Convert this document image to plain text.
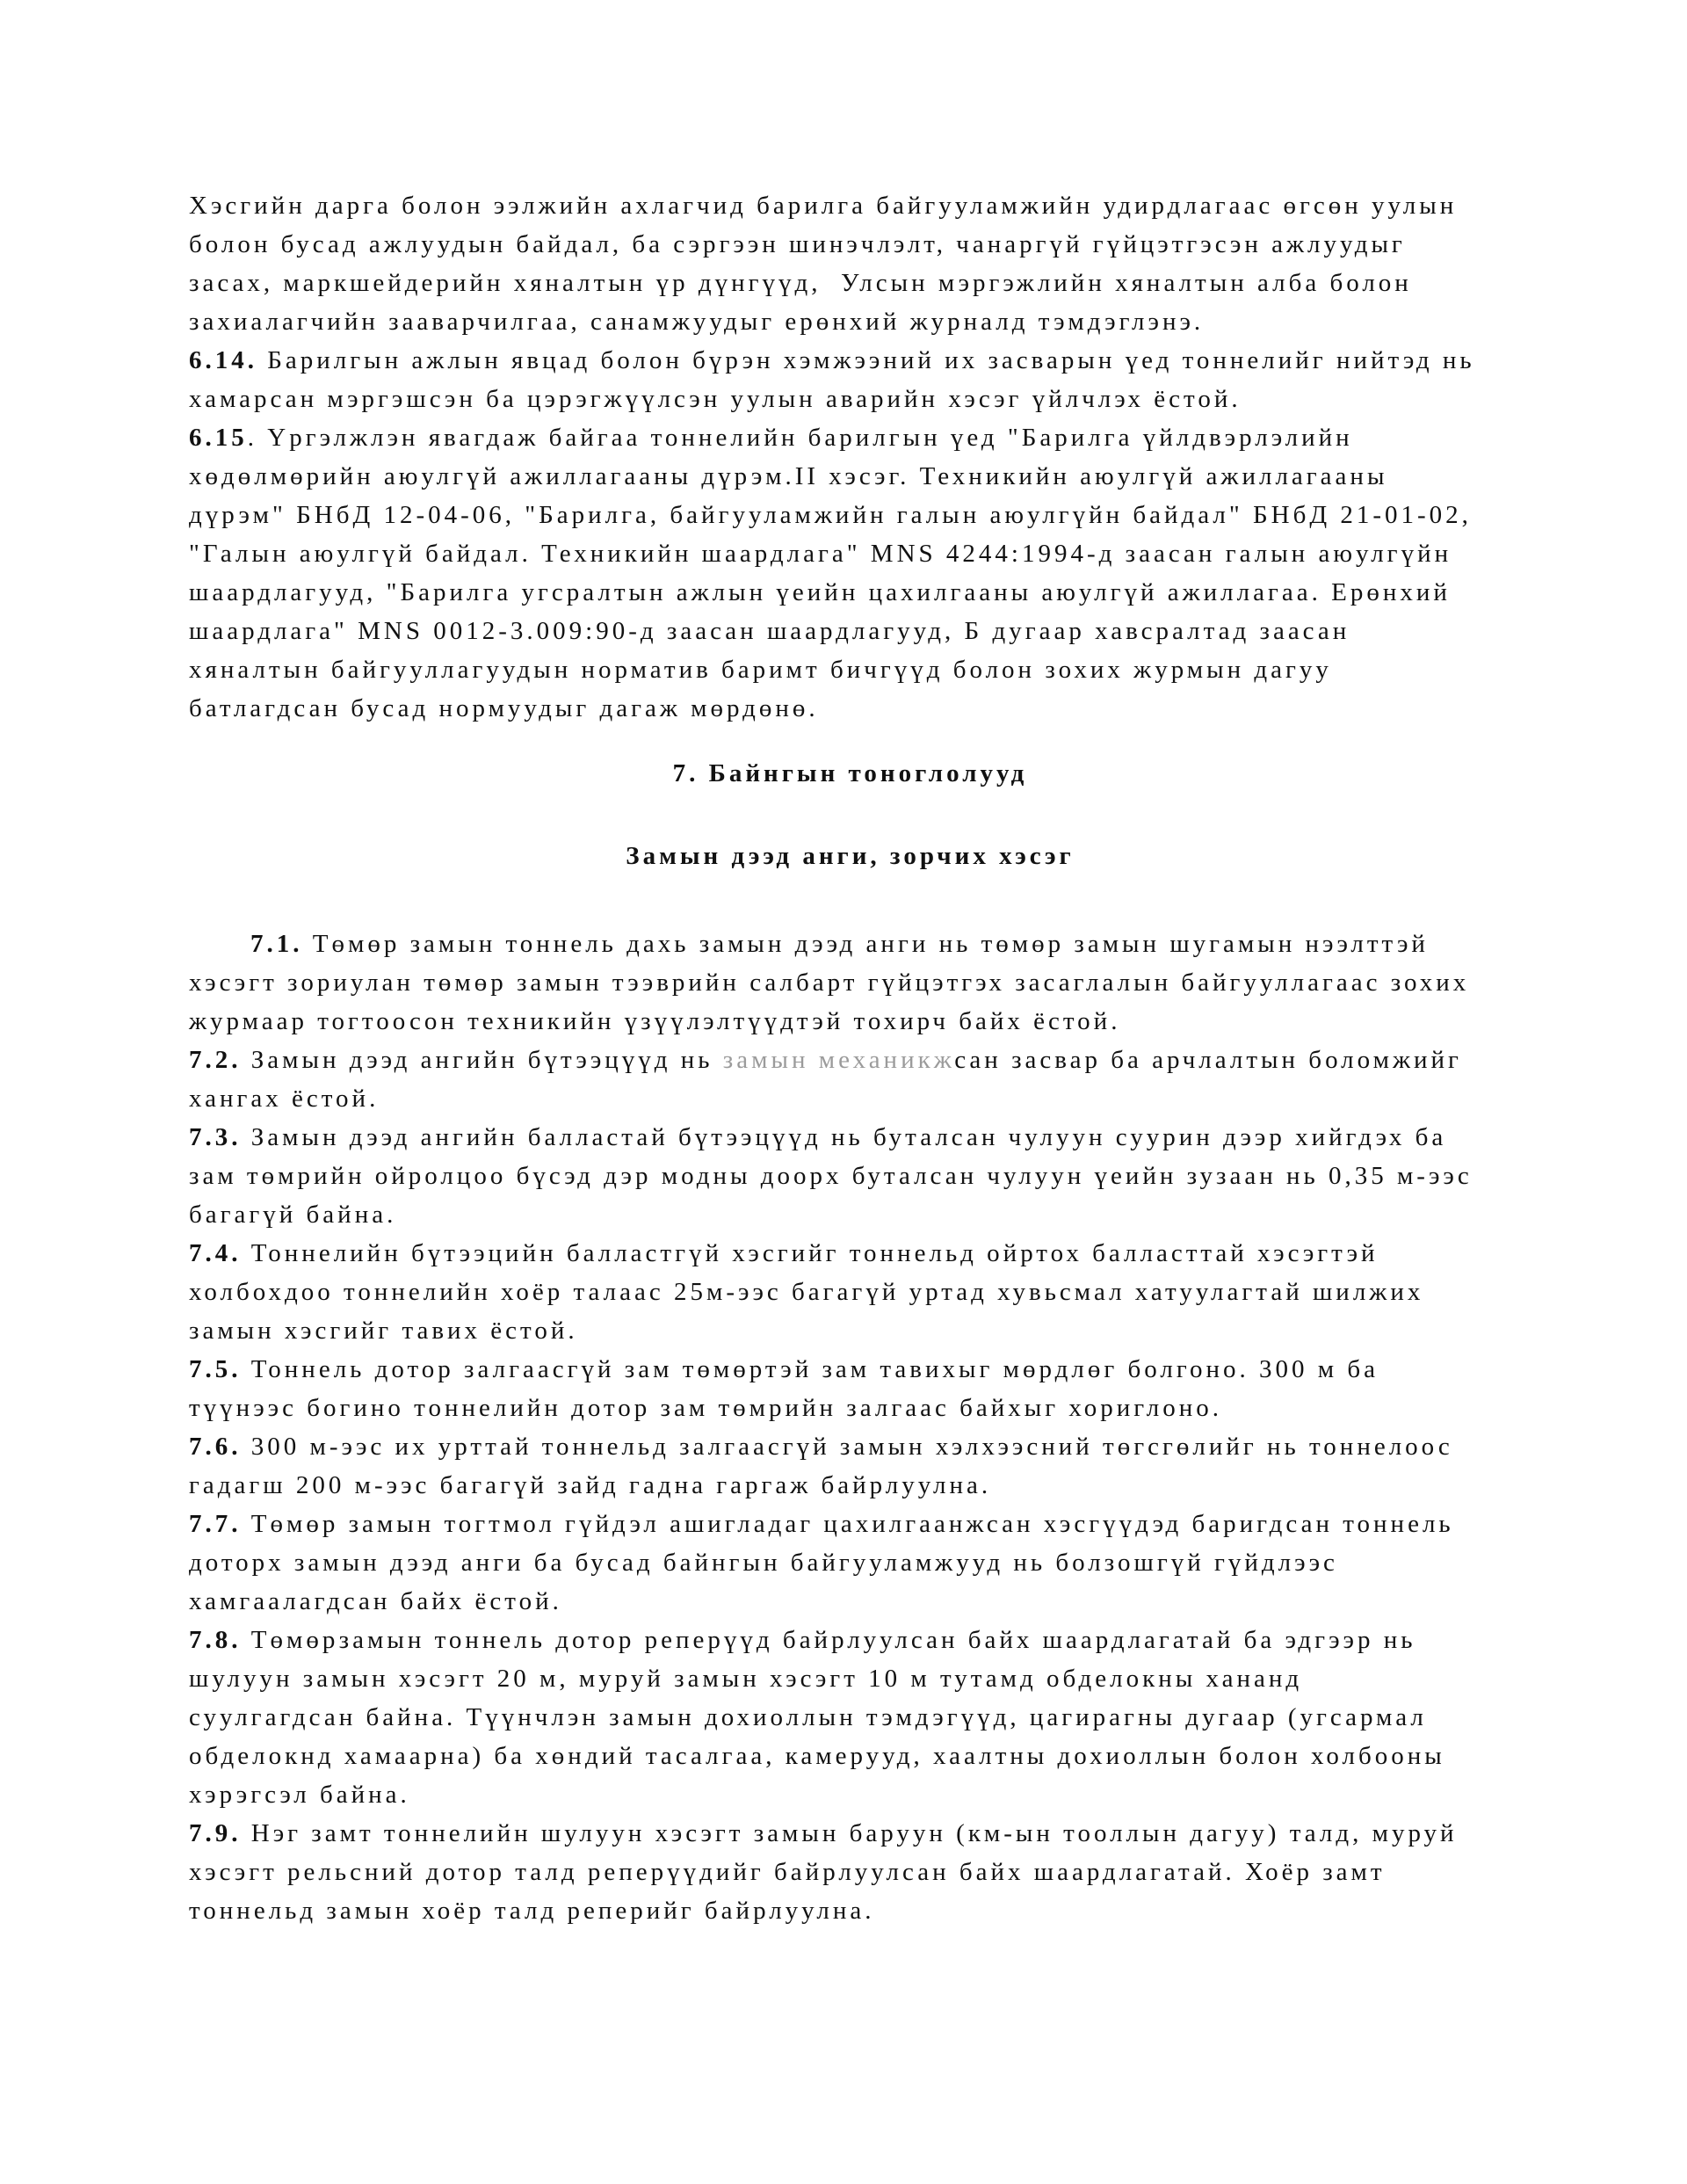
Хэсгийн дарга болон ээлжийн ахлагчид барилга байгууламжийн удирдлагаас өгсөн уулын
болон бусад ажлуудын байдал, ба сэргээн шинэчлэлт, чанаргүй гүйцэтгэсэн ажлуудыг
засах, маркшейдерийн хяналтын үр дүнгүүд,  Улсын мэргэжлийн хяналтын алба болон
захиалагчийн зааварчилгаа, санамжуудыг ерөнхий журналд тэмдэглэнэ.
6.14. Барилгын ажлын явцад болон бүрэн хэмжээний их засварын үед тоннелийг нийтэд нь
хамарсан мэргэшсэн ба цэрэгжүүлсэн уулын аварийн хэсэг үйлчлэх ёстой.
6.15. Үргэлжлэн явагдаж байгаа тоннелийн барилгын үед "Барилга үйлдвэрлэлийн
хөдөлмөрийн аюулгүй ажиллагааны дүрэм.II хэсэг. Техникийн аюулгүй ажиллагааны
дүрэм" БНбД 12-04-06, "Барилга, байгууламжийн галын аюулгүйн байдал" БНбД 21-01-02,
"Галын аюулгүй байдал. Техникийн шаардлага" MNS 4244:1994-д заасан галын аюулгүйн
шаардлагууд, "Барилга угсралтын ажлын үеийн цахилгааны аюулгүй ажиллагаа. Ерөнхий
шаардлага" MNS 0012-3.009:90-д заасан шаардлагууд, Б дугаар хавсралтад заасан
хяналтын байгууллагуудын норматив баримт бичгүүд болон зохих журмын дагуу
батлагдсан бусад нормуудыг дагаж мөрдөнө.
7. Байнгын тоноглолууд
Замын дээд анги, зорчих хэсэг
7.1. Төмөр замын тоннель дахь замын дээд анги нь төмөр замын шугамын нээлттэй
хэсэгт зориулан төмөр замын тээврийн салбарт гүйцэтгэх засаглалын байгууллагаас зохих
журмаар тогтоосон техникийн үзүүлэлтүүдтэй тохирч байх ёстой.
7.2. Замын дээд ангийн бүтээцүүд нь замын механикжсан засвар ба арчлалтын боломжийг
хангах ёстой.
7.3. Замын дээд ангийн балластай бүтээцүүд нь буталсан чулуун суурин дээр хийгдэх ба
зам төмрийн ойролцоо бүсэд дэр модны доорх буталсан чулуун үеийн зузаан нь 0,35 м-ээс
багагүй байна.
7.4. Тоннелийн бүтээцийн балластгүй хэсгийг тоннельд ойртох балласттай хэсэгтэй
холбохдоо тоннелийн хоёр талаас 25м-ээс багагүй уртад хувьсмал хатуулагтай шилжих
замын хэсгийг тавих ёстой.
7.5. Тоннель дотор залгаасгүй зам төмөртэй зам тавихыг мөрдлөг болгоно. 300 м ба
түүнээс богино тоннелийн дотор зам төмрийн залгаас байхыг хориглоно.
7.6. 300 м-ээс их урттай тоннельд залгаасгүй замын хэлхээсний төгсгөлийг нь тоннелоос
гадагш 200 м-ээс багагүй зайд гадна гаргаж байрлуулна.
7.7. Төмөр замын тогтмол гүйдэл ашигладаг цахилгаанжсан хэсгүүдэд баригдсан тоннель
доторх замын дээд анги ба бусад байнгын байгууламжууд нь болзошгүй гүйдлээс
хамгаалагдсан байх ёстой.
7.8. Төмөрзамын тоннель дотор реперүүд байрлуулсан байх шаардлагатай ба эдгээр нь
шулуун замын хэсэгт 20 м, муруй замын хэсэгт 10 м тутамд обделокны хананд
суулгагдсан байна. Түүнчлэн замын дохиоллын тэмдэгүүд, цагирагны дугаар (угсармал
обделокнд хамаарна) ба хөндий тасалгаа, камерууд, хаалтны дохиоллын болон холбооны
хэрэгсэл байна.
7.9. Нэг замт тоннелийн шулуун хэсэгт замын баруун (км-ын тооллын дагуу) талд, муруй
хэсэгт рельсний дотор талд реперүүдийг байрлуулсан байх шаардлагатай. Хоёр замт
тоннельд замын хоёр талд реперийг байрлуулна.
